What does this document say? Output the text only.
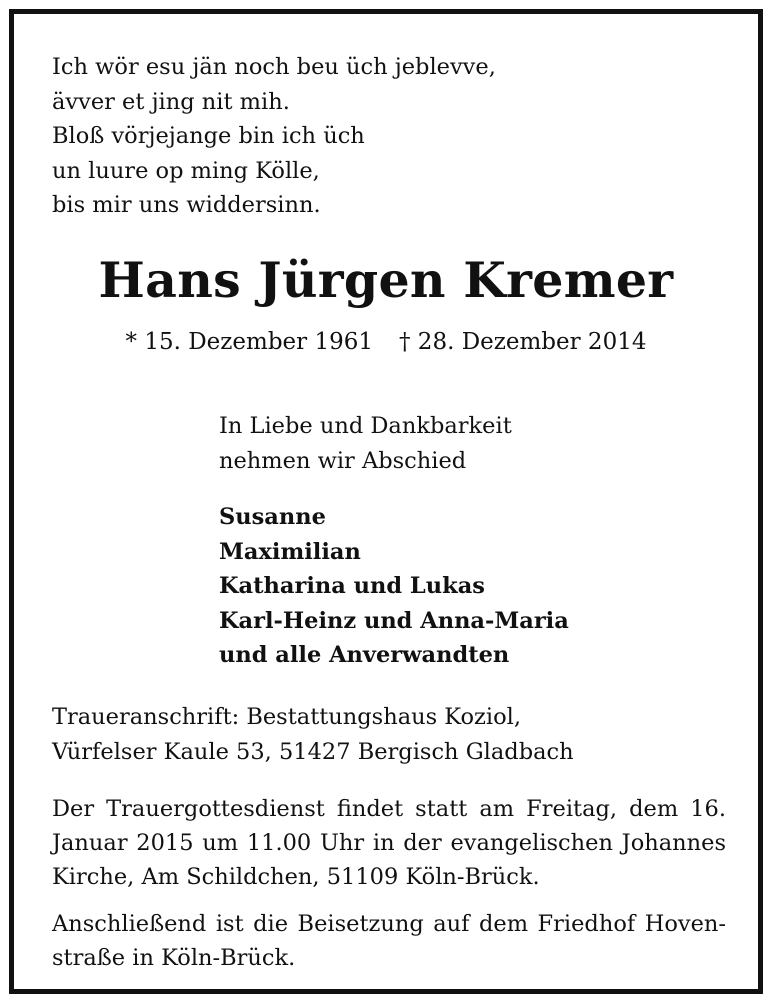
Ich wör esu jän noch beu üch jeblevve,
ävver et jing nit mih.
Bloß vörjejange bin ich üch
un luure op ming Kölle,
bis mir uns widdersinn.
Hans Jürgen Kremer
* 15. Dezember 1961 † 28. Dezember 2014
In Liebe und Dankbarkeit
nehmen wir Abschied
Susanne
Maximilian
Katharina und Lukas
Karl-Heinz und Anna-Maria
und alle Anverwandten
Traueranschrift: Bestattungshaus Koziol,
Vürfelser Kaule 53, 51427 Bergisch Gladbach
Der Trauergottesdienst findet statt am Freitag, dem 16.
Januar 2015 um 11.00 Uhr in der evangelischen Johannes
Kirche, Am Schildchen, 51109 Köln-Brück.
Anschließend ist die Beisetzung auf dem Friedhof Hoven-
straße in Köln-Brück.
